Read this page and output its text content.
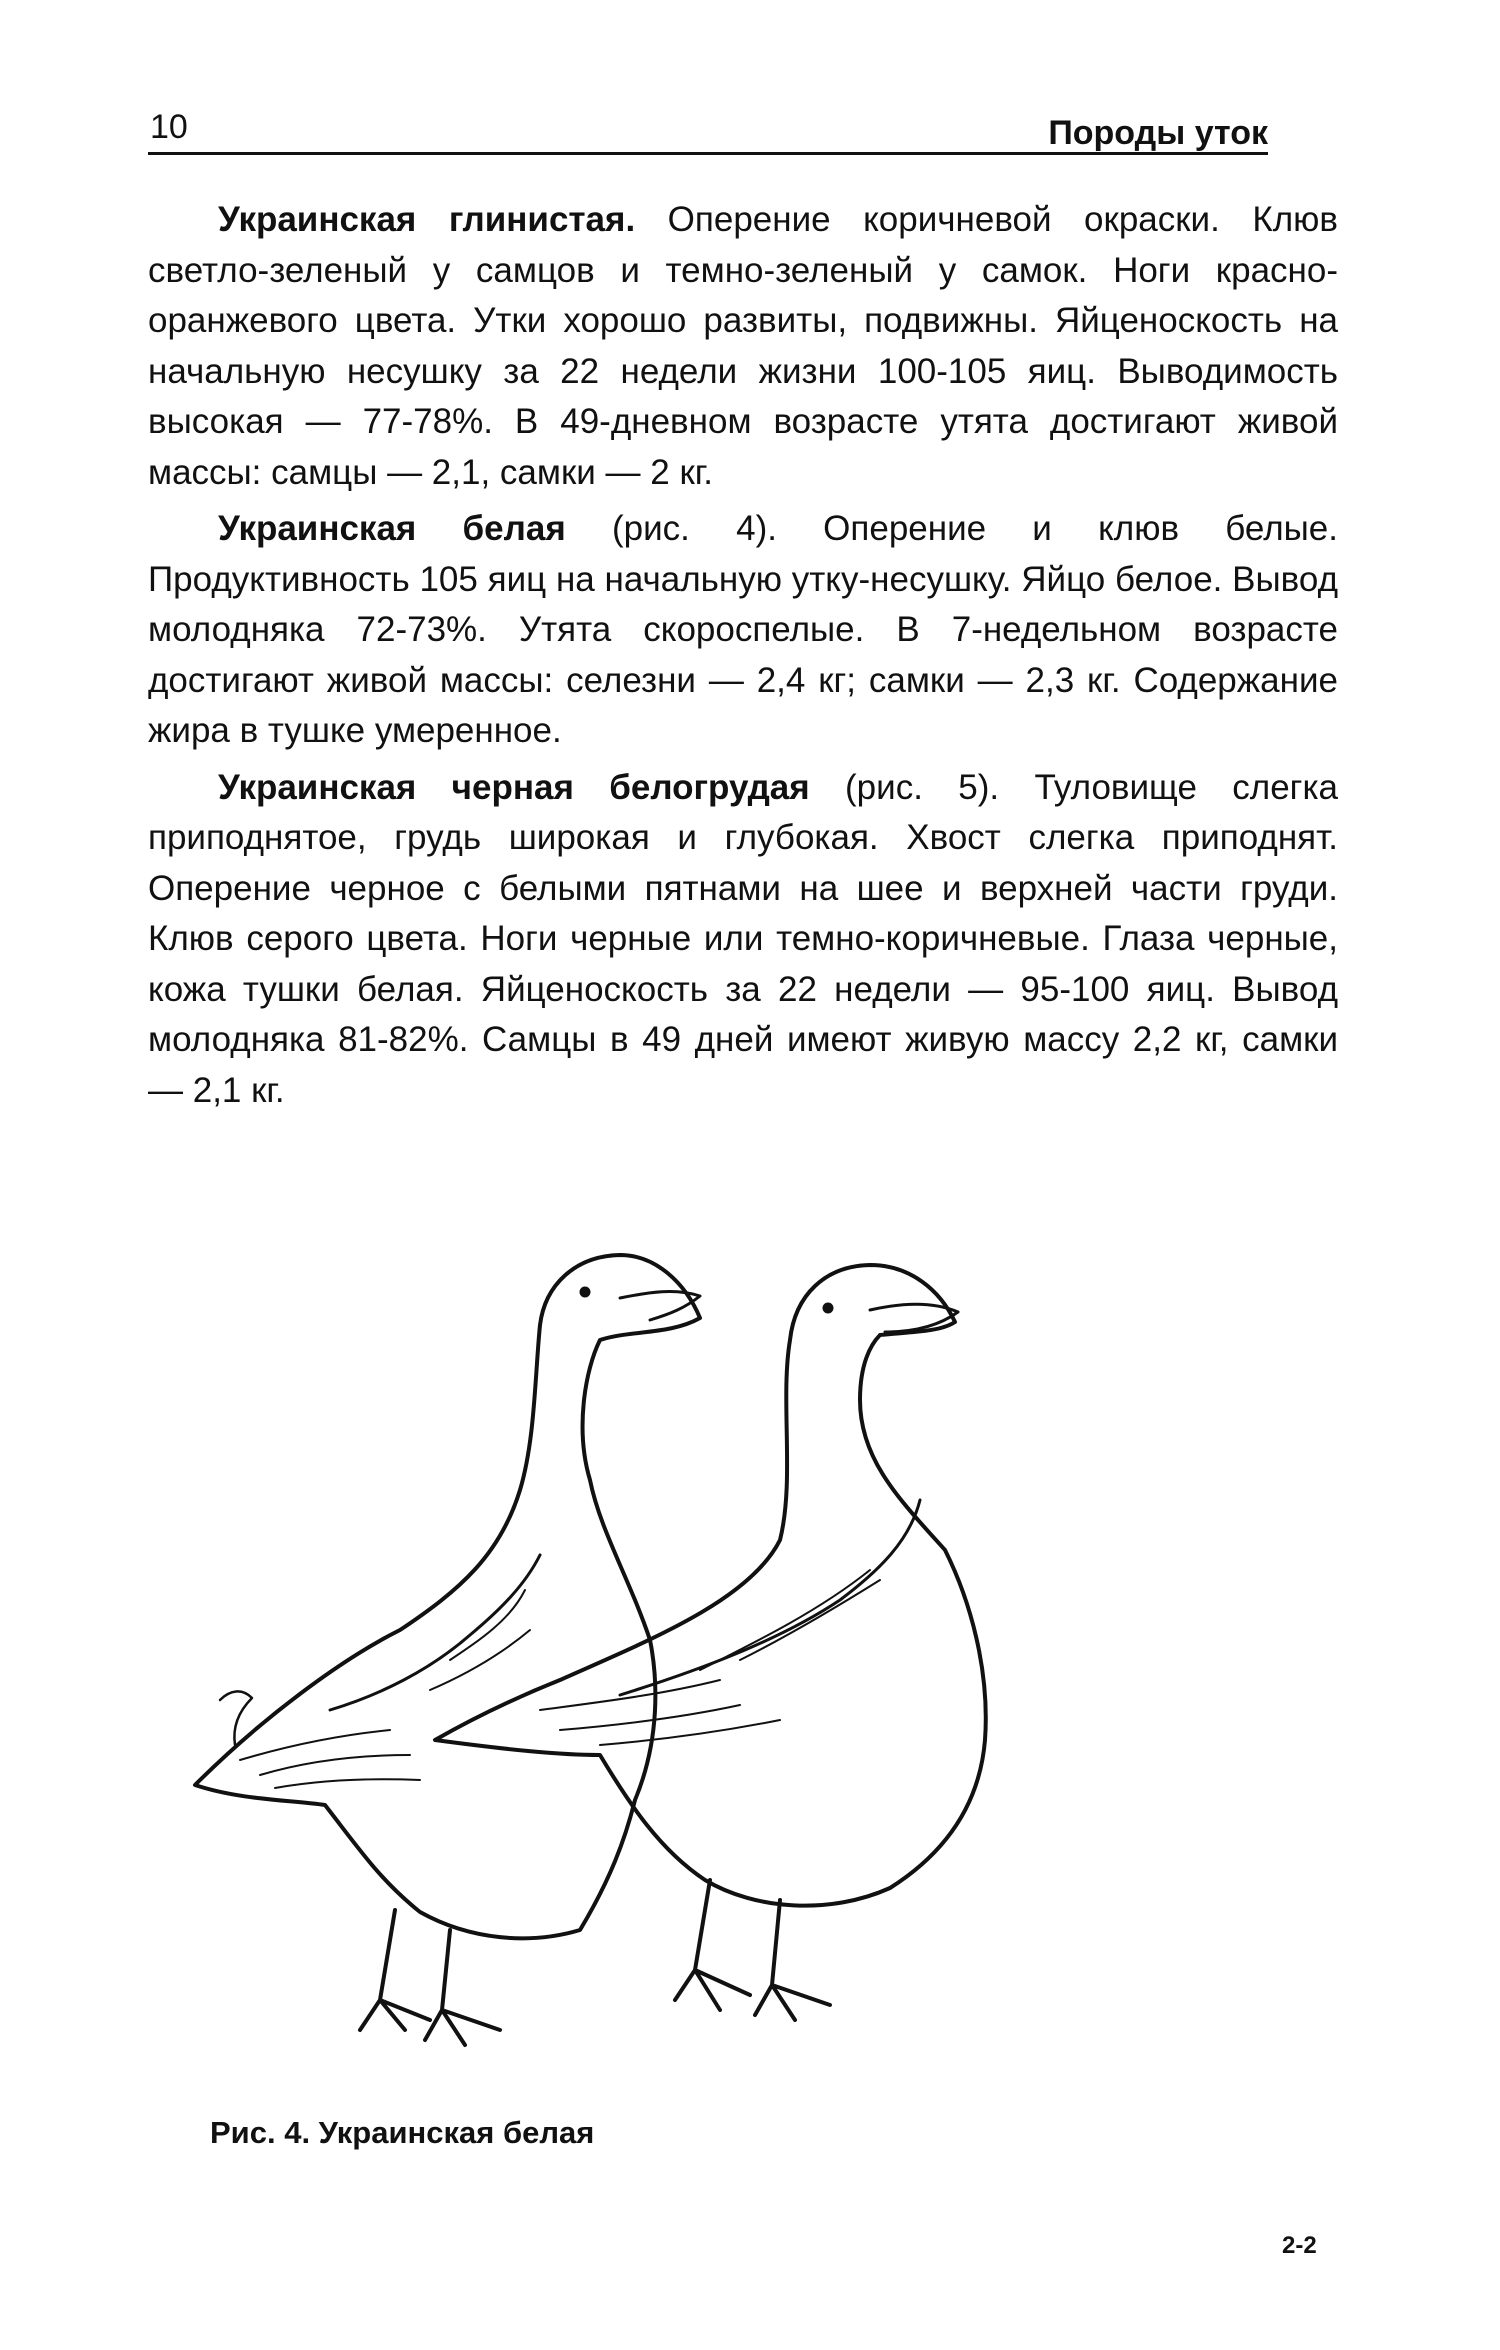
10	Породы уток

Украинская глинистая. Оперение коричневой окраски. Клюв светло-зеленый у самцов и темно-зеленый у самок. Ноги красно-оранжевого цвета. Утки хорошо развиты, подвижны. Яйценоскость на начальную несушку за 22 недели жизни 100-105 яиц. Выводимость высокая — 77-78%. В 49-дневном возрасте утята достигают живой массы: самцы — 2,1, самки — 2 кг.

Украинская белая (рис. 4). Оперение и клюв белые. Продуктивность 105 яиц на начальную утку-несушку. Яйцо белое. Вывод молодняка 72-73%. Утята скороспелые. В 7-недельном возрасте достигают живой массы: селезни — 2,4 кг; самки — 2,3 кг. Содержание жира в тушке умеренное.

Украинская черная белогрудая (рис. 5). Туловище слегка приподнятое, грудь широкая и глубокая. Хвост слегка приподнят. Оперение черное с белыми пятнами на шее и верхней части груди. Клюв серого цвета. Ноги черные или темно-коричневые. Глаза черные, кожа тушки белая. Яйценоскость за 22 недели — 95-100 яиц. Вывод молодняка 81-82%. Самцы в 49 дней имеют живую массу 2,2 кг, самки — 2,1 кг.

Рис. 4. Украинская белая
2-2
